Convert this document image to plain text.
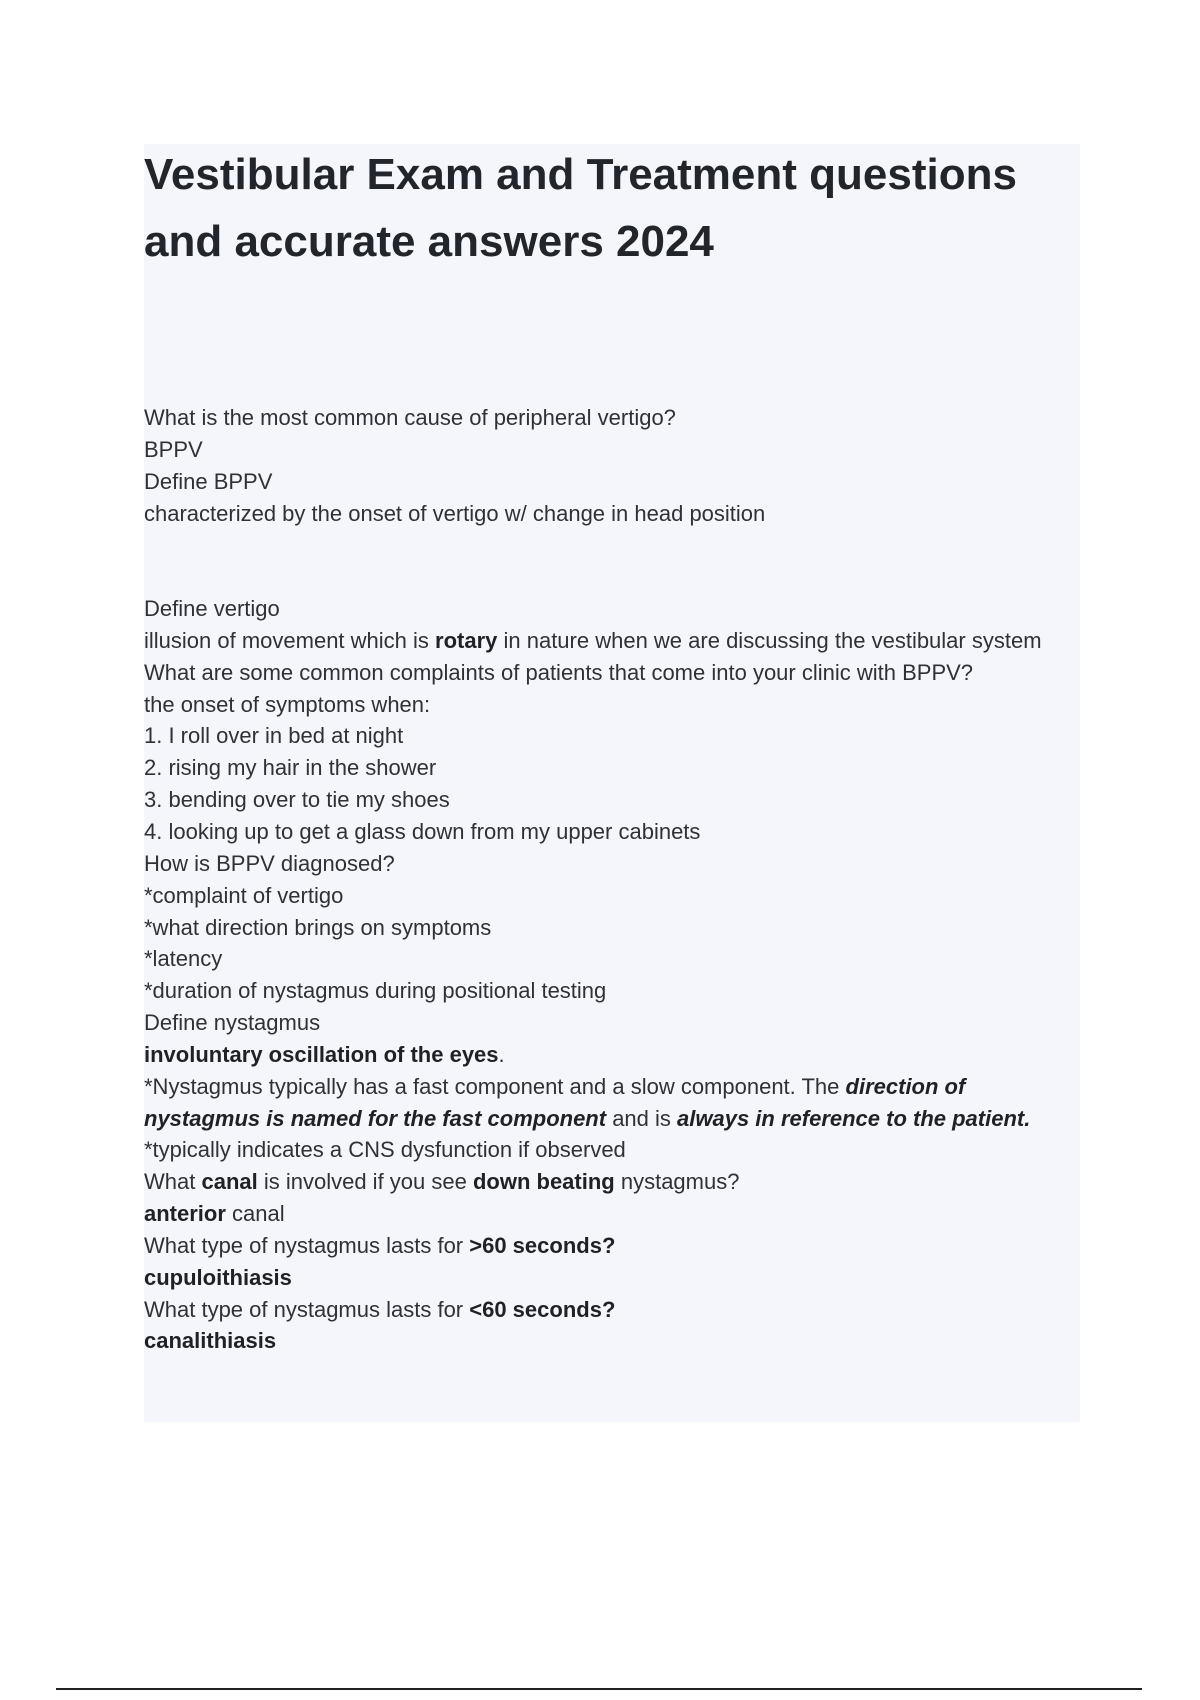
Vestibular Exam and Treatment questions and accurate answers 2024
What is the most common cause of peripheral vertigo?
BPPV
Define BPPV
characterized by the onset of vertigo w/ change in head position
Define vertigo
illusion of movement which is rotary in nature when we are discussing the vestibular system
What are some common complaints of patients that come into your clinic with BPPV?
the onset of symptoms when:
1. I roll over in bed at night
2. rising my hair in the shower
3. bending over to tie my shoes
4. looking up to get a glass down from my upper cabinets
How is BPPV diagnosed?
*complaint of vertigo
*what direction brings on symptoms
*latency
*duration of nystagmus during positional testing
Define nystagmus
involuntary oscillation of the eyes.
*Nystagmus typically has a fast component and a slow component. The direction of nystagmus is named for the fast component and is always in reference to the patient.
*typically indicates a CNS dysfunction if observed
What canal is involved if you see down beating nystagmus?
anterior canal
What type of nystagmus lasts for >60 seconds?
cupuloithiasis
What type of nystagmus lasts for <60 seconds?
canalithiasis
